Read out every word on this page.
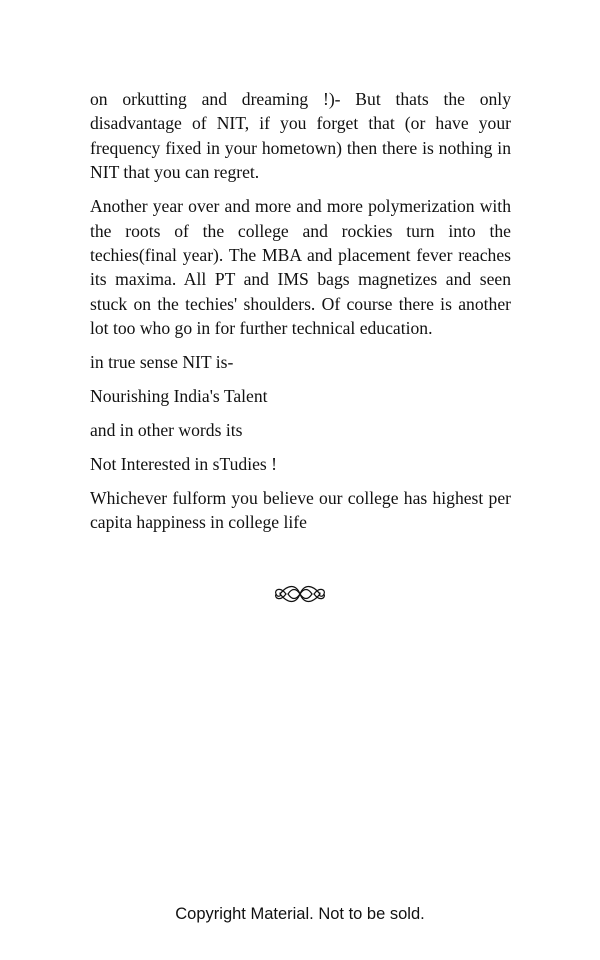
on orkutting and dreaming !)- But thats the only disadvantage of NIT, if you forget that (or have your frequency fixed in your hometown) then there is nothing in NIT that you can regret.

Another year over and more and more polymerization with the roots of the college and rockies turn into the techies(final year). The MBA and placement fever reaches its maxima. All PT and IMS bags magnetizes and seen stuck on the techies' shoulders. Of course there is another lot too who go in for further technical education.

in true sense NIT is-

Nourishing India's Talent

and in other words its

Not Interested in sTudies !

Whichever fulform you believe our college has highest per capita happiness in college life

Copyright Material. Not to be sold.
